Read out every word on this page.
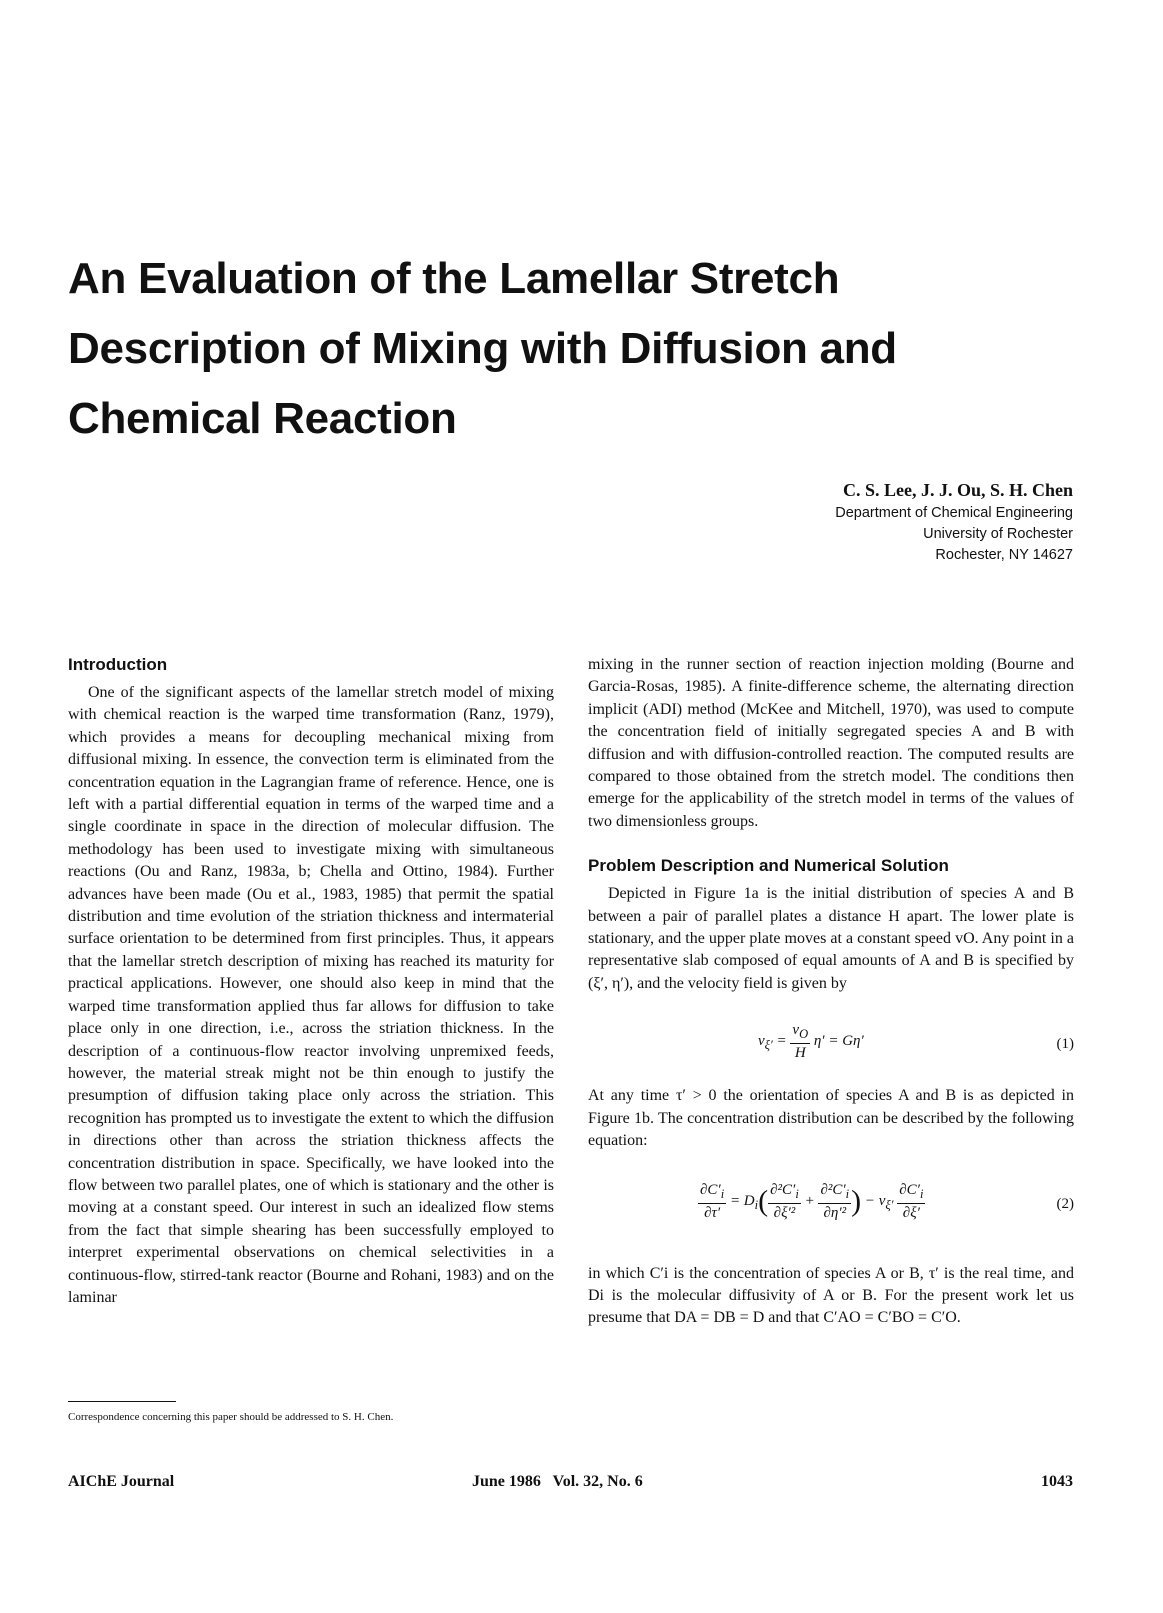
An Evaluation of the Lamellar Stretch Description of Mixing with Diffusion and Chemical Reaction
C. S. Lee, J. J. Ou, S. H. Chen
Department of Chemical Engineering
University of Rochester
Rochester, NY 14627
Introduction

One of the significant aspects of the lamellar stretch model of mixing with chemical reaction is the warped time transformation (Ranz, 1979), which provides a means for decoupling mechanical mixing from diffusional mixing. In essence, the convection term is eliminated from the concentration equation in the Lagrangian frame of reference. Hence, one is left with a partial differential equation in terms of the warped time and a single coordinate in space in the direction of molecular diffusion. The methodology has been used to investigate mixing with simultaneous reactions (Ou and Ranz, 1983a, b; Chella and Ottino, 1984). Further advances have been made (Ou et al., 1983, 1985) that permit the spatial distribution and time evolution of the striation thickness and intermaterial surface orientation to be determined from first principles. Thus, it appears that the lamellar stretch description of mixing has reached its maturity for practical applications. However, one should also keep in mind that the warped time transformation applied thus far allows for diffusion to take place only in one direction, i.e., across the striation thickness. In the description of a continuous-flow reactor involving unpremixed feeds, however, the material streak might not be thin enough to justify the presumption of diffusion taking place only across the striation. This recognition has prompted us to investigate the extent to which the diffusion in directions other than across the striation thickness affects the concentration distribution in space. Specifically, we have looked into the flow between two parallel plates, one of which is stationary and the other is moving at a constant speed. Our interest in such an idealized flow stems from the fact that simple shearing has been successfully employed to interpret experimental observations on chemical selectivities in a continuous-flow, stirred-tank reactor (Bourne and Rohani, 1983) and on the laminar

mixing in the runner section of reaction injection molding (Bourne and Garcia-Rosas, 1985). A finite-difference scheme, the alternating direction implicit (ADI) method (McKee and Mitchell, 1970), was used to compute the concentration field of initially segregated species A and B with diffusion and with diffusion-controlled reaction. The computed results are compared to those obtained from the stretch model. The conditions then emerge for the applicability of the stretch model in terms of the values of two dimensionless groups.

Problem Description and Numerical Solution

Depicted in Figure 1a is the initial distribution of species A and B between a pair of parallel plates a distance H apart. The lower plate is stationary, and the upper plate moves at a constant speed vO. Any point in a representative slab composed of equal amounts of A and B is specified by (ξ′, η′), and the velocity field is given by

$v_{\xi'} = \frac{v_O}{H} \eta' = G\eta'$	(1)

At any time τ′ > 0 the orientation of species A and B is as depicted in Figure 1b. The concentration distribution can be described by the following equation:

$\frac{\partial C'_i}{\partial\tau'} = D_i( \frac{\partial^2C'_i}{\text{∂ξ′²}} + \frac{\partial^2C'_i}{\text{∂η′²}}$ ) − $v_{\xi'} \frac{\partial C'_i}{\partial\xi'}$	(2)

in which C′i is the concentration of species A or B, τ′ is the real time, and Di is the molecular diffusivity of A or B. For the present work let us presume that DA = DB = D and that C′AO = C′BO = C′O.

Correspondence concerning this paper should be addressed to S. H. Chen.
AIChE Journal	June 1986   Vol. 32, No. 6	1043
